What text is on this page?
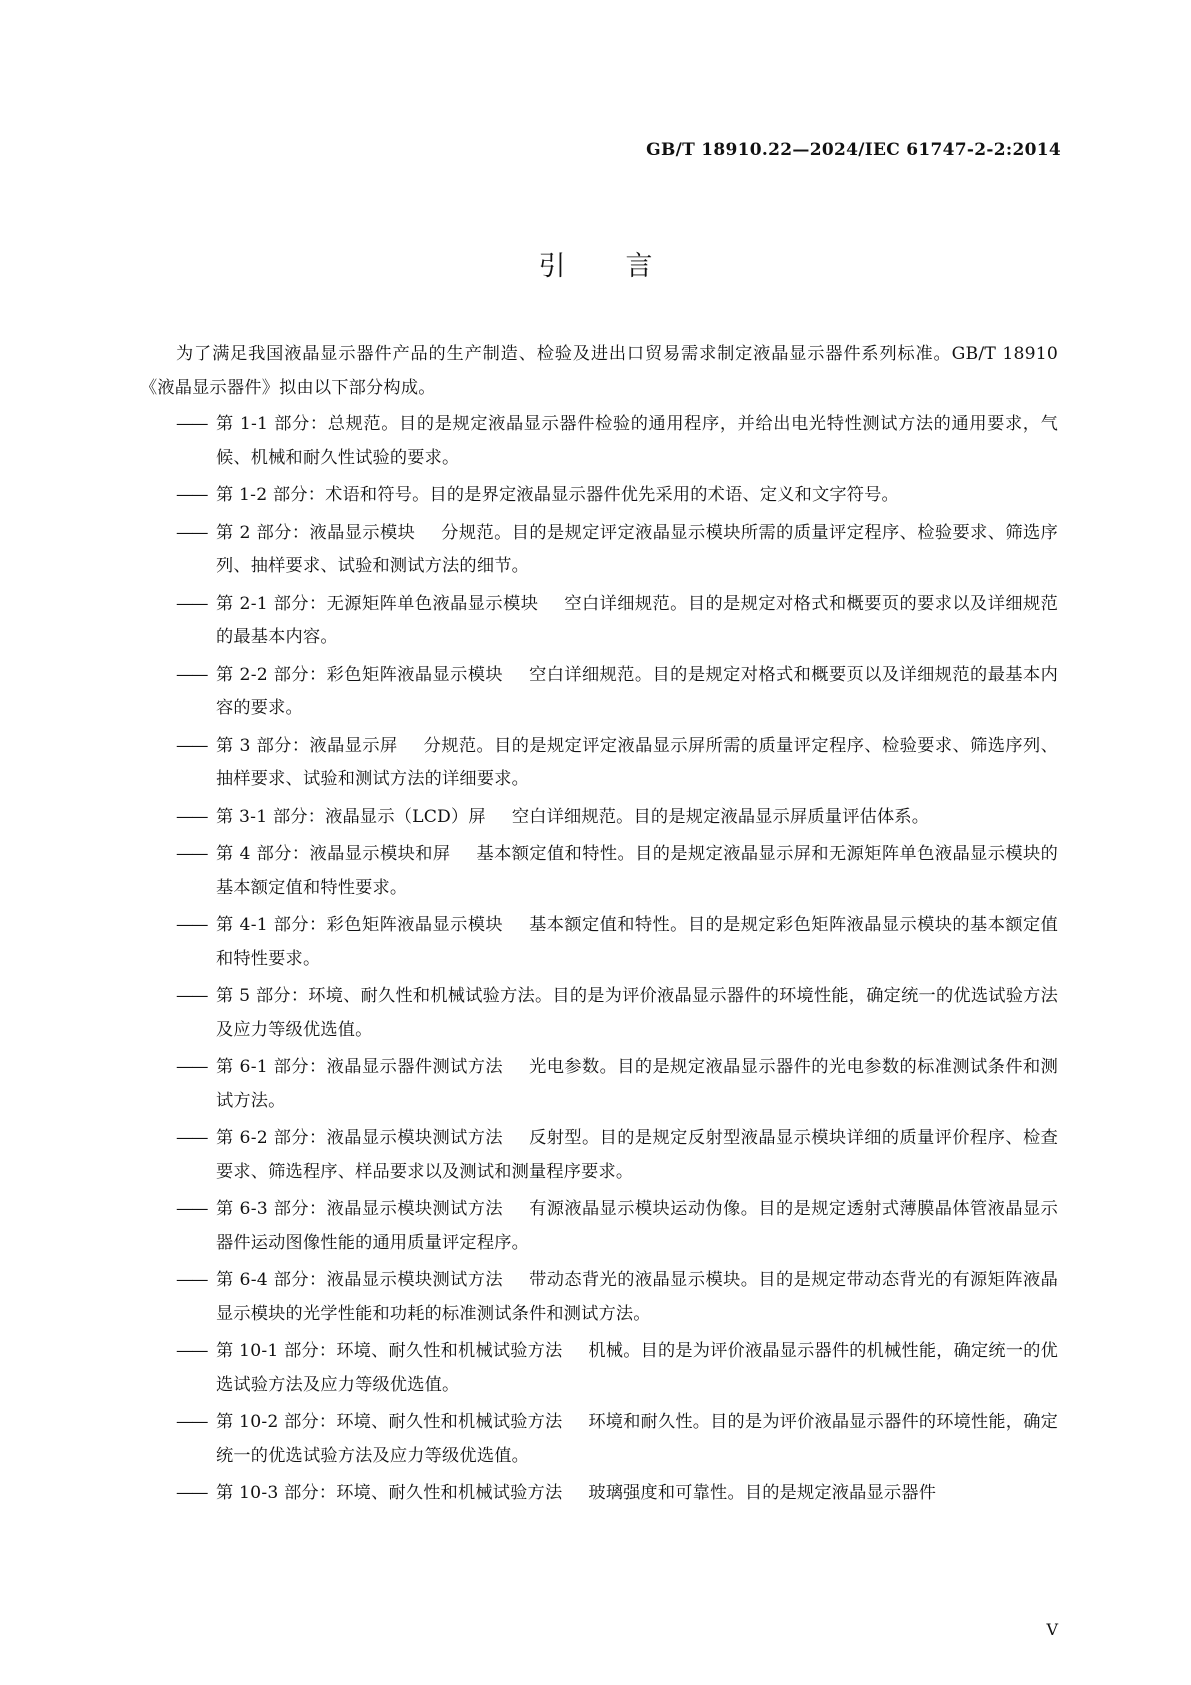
GB/T 18910.22—2024/IEC 61747-2-2:2014
引言

为了满足我国液晶显示器件产品的生产制造、检验及进出口贸易需求制定液晶显示器件系列标准。GB/T 18910《液晶显示器件》拟由以下部分构成。

—— 第 1-1 部分：总规范。目的是规定液晶显示器件检验的通用程序，并给出电光特性测试方法的通用要求，气候、机械和耐久性试验的要求。
—— 第 1-2 部分：术语和符号。目的是界定液晶显示器件优先采用的术语、定义和文字符号。
—— 第 2 部分：液晶显示模块 分规范。目的是规定评定液晶显示模块所需的质量评定程序、检验要求、筛选序列、抽样要求、试验和测试方法的细节。
—— 第 2-1 部分：无源矩阵单色液晶显示模块 空白详细规范。目的是规定对格式和概要页的要求以及详细规范的最基本内容。
—— 第 2-2 部分：彩色矩阵液晶显示模块 空白详细规范。目的是规定对格式和概要页以及详细规范的最基本内容的要求。
—— 第 3 部分：液晶显示屏 分规范。目的是规定评定液晶显示屏所需的质量评定程序、检验要求、筛选序列、抽样要求、试验和测试方法的详细要求。
—— 第 3-1 部分：液晶显示（LCD）屏 空白详细规范。目的是规定液晶显示屏质量评估体系。
—— 第 4 部分：液晶显示模块和屏 基本额定值和特性。目的是规定液晶显示屏和无源矩阵单色液晶显示模块的基本额定值和特性要求。
—— 第 4-1 部分：彩色矩阵液晶显示模块 基本额定值和特性。目的是规定彩色矩阵液晶显示模块的基本额定值和特性要求。
—— 第 5 部分：环境、耐久性和机械试验方法。目的是为评价液晶显示器件的环境性能，确定统一的优选试验方法及应力等级优选值。
—— 第 6-1 部分：液晶显示器件测试方法 光电参数。目的是规定液晶显示器件的光电参数的标准测试条件和测试方法。
—— 第 6-2 部分：液晶显示模块测试方法 反射型。目的是规定反射型液晶显示模块详细的质量评价程序、检查要求、筛选程序、样品要求以及测试和测量程序要求。
—— 第 6-3 部分：液晶显示模块测试方法 有源液晶显示模块运动伪像。目的是规定透射式薄膜晶体管液晶显示器件运动图像性能的通用质量评定程序。
—— 第 6-4 部分：液晶显示模块测试方法 带动态背光的液晶显示模块。目的是规定带动态背光的有源矩阵液晶显示模块的光学性能和功耗的标准测试条件和测试方法。
—— 第 10-1 部分：环境、耐久性和机械试验方法 机械。目的是为评价液晶显示器件的机械性能，确定统一的优选试验方法及应力等级优选值。
—— 第 10-2 部分：环境、耐久性和机械试验方法 环境和耐久性。目的是为评价液晶显示器件的环境性能，确定统一的优选试验方法及应力等级优选值。
—— 第 10-3 部分：环境、耐久性和机械试验方法 玻璃强度和可靠性。目的是规定液晶显示器件
V
